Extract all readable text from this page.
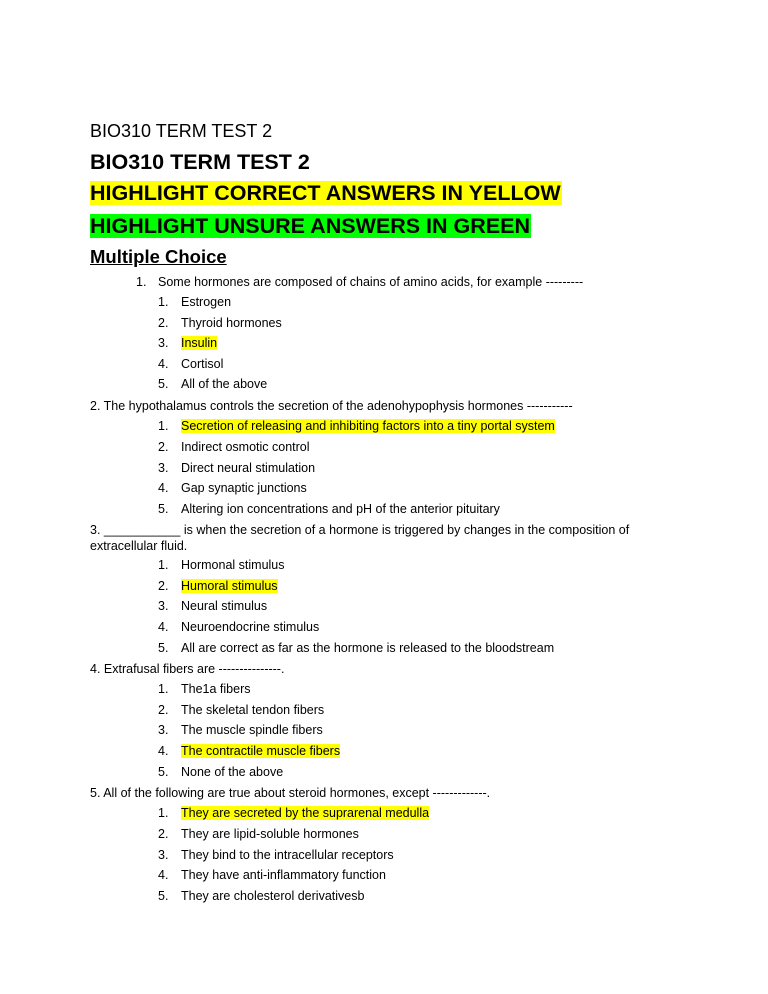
BIO310 TERM TEST 2
BIO310 TERM TEST 2
HIGHLIGHT CORRECT ANSWERS IN YELLOW
HIGHLIGHT UNSURE ANSWERS IN GREEN
Multiple Choice
1. Some hormones are composed of chains of amino acids, for example ---------
1. Estrogen
2. Thyroid hormones
3. Insulin
4. Cortisol
5. All of the above
2. The hypothalamus controls the secretion of the adenohypophysis hormones -----------
1. Secretion of releasing and inhibiting factors into a tiny portal system
2. Indirect osmotic control
3. Direct neural stimulation
4. Gap synaptic junctions
5. Altering ion concentrations and pH of the anterior pituitary
3. ___________ is when the secretion of a hormone is triggered by changes in the composition of extracellular fluid.
1. Hormonal stimulus
2. Humoral stimulus
3. Neural stimulus
4. Neuroendocrine stimulus
5. All are correct as far as the hormone is released to the bloodstream
4. Extrafusal fibers are ---------------.
1. The1a fibers
2. The skeletal tendon fibers
3. The muscle spindle fibers
4. The contractile muscle fibers
5. None of the above
5. All of the following are true about steroid hormones, except -------------.
1. They are secreted by the suprarenal medulla
2. They are lipid-soluble hormones
3. They bind to the intracellular receptors
4. They have anti-inflammatory function
5. They are cholesterol derivativesb
